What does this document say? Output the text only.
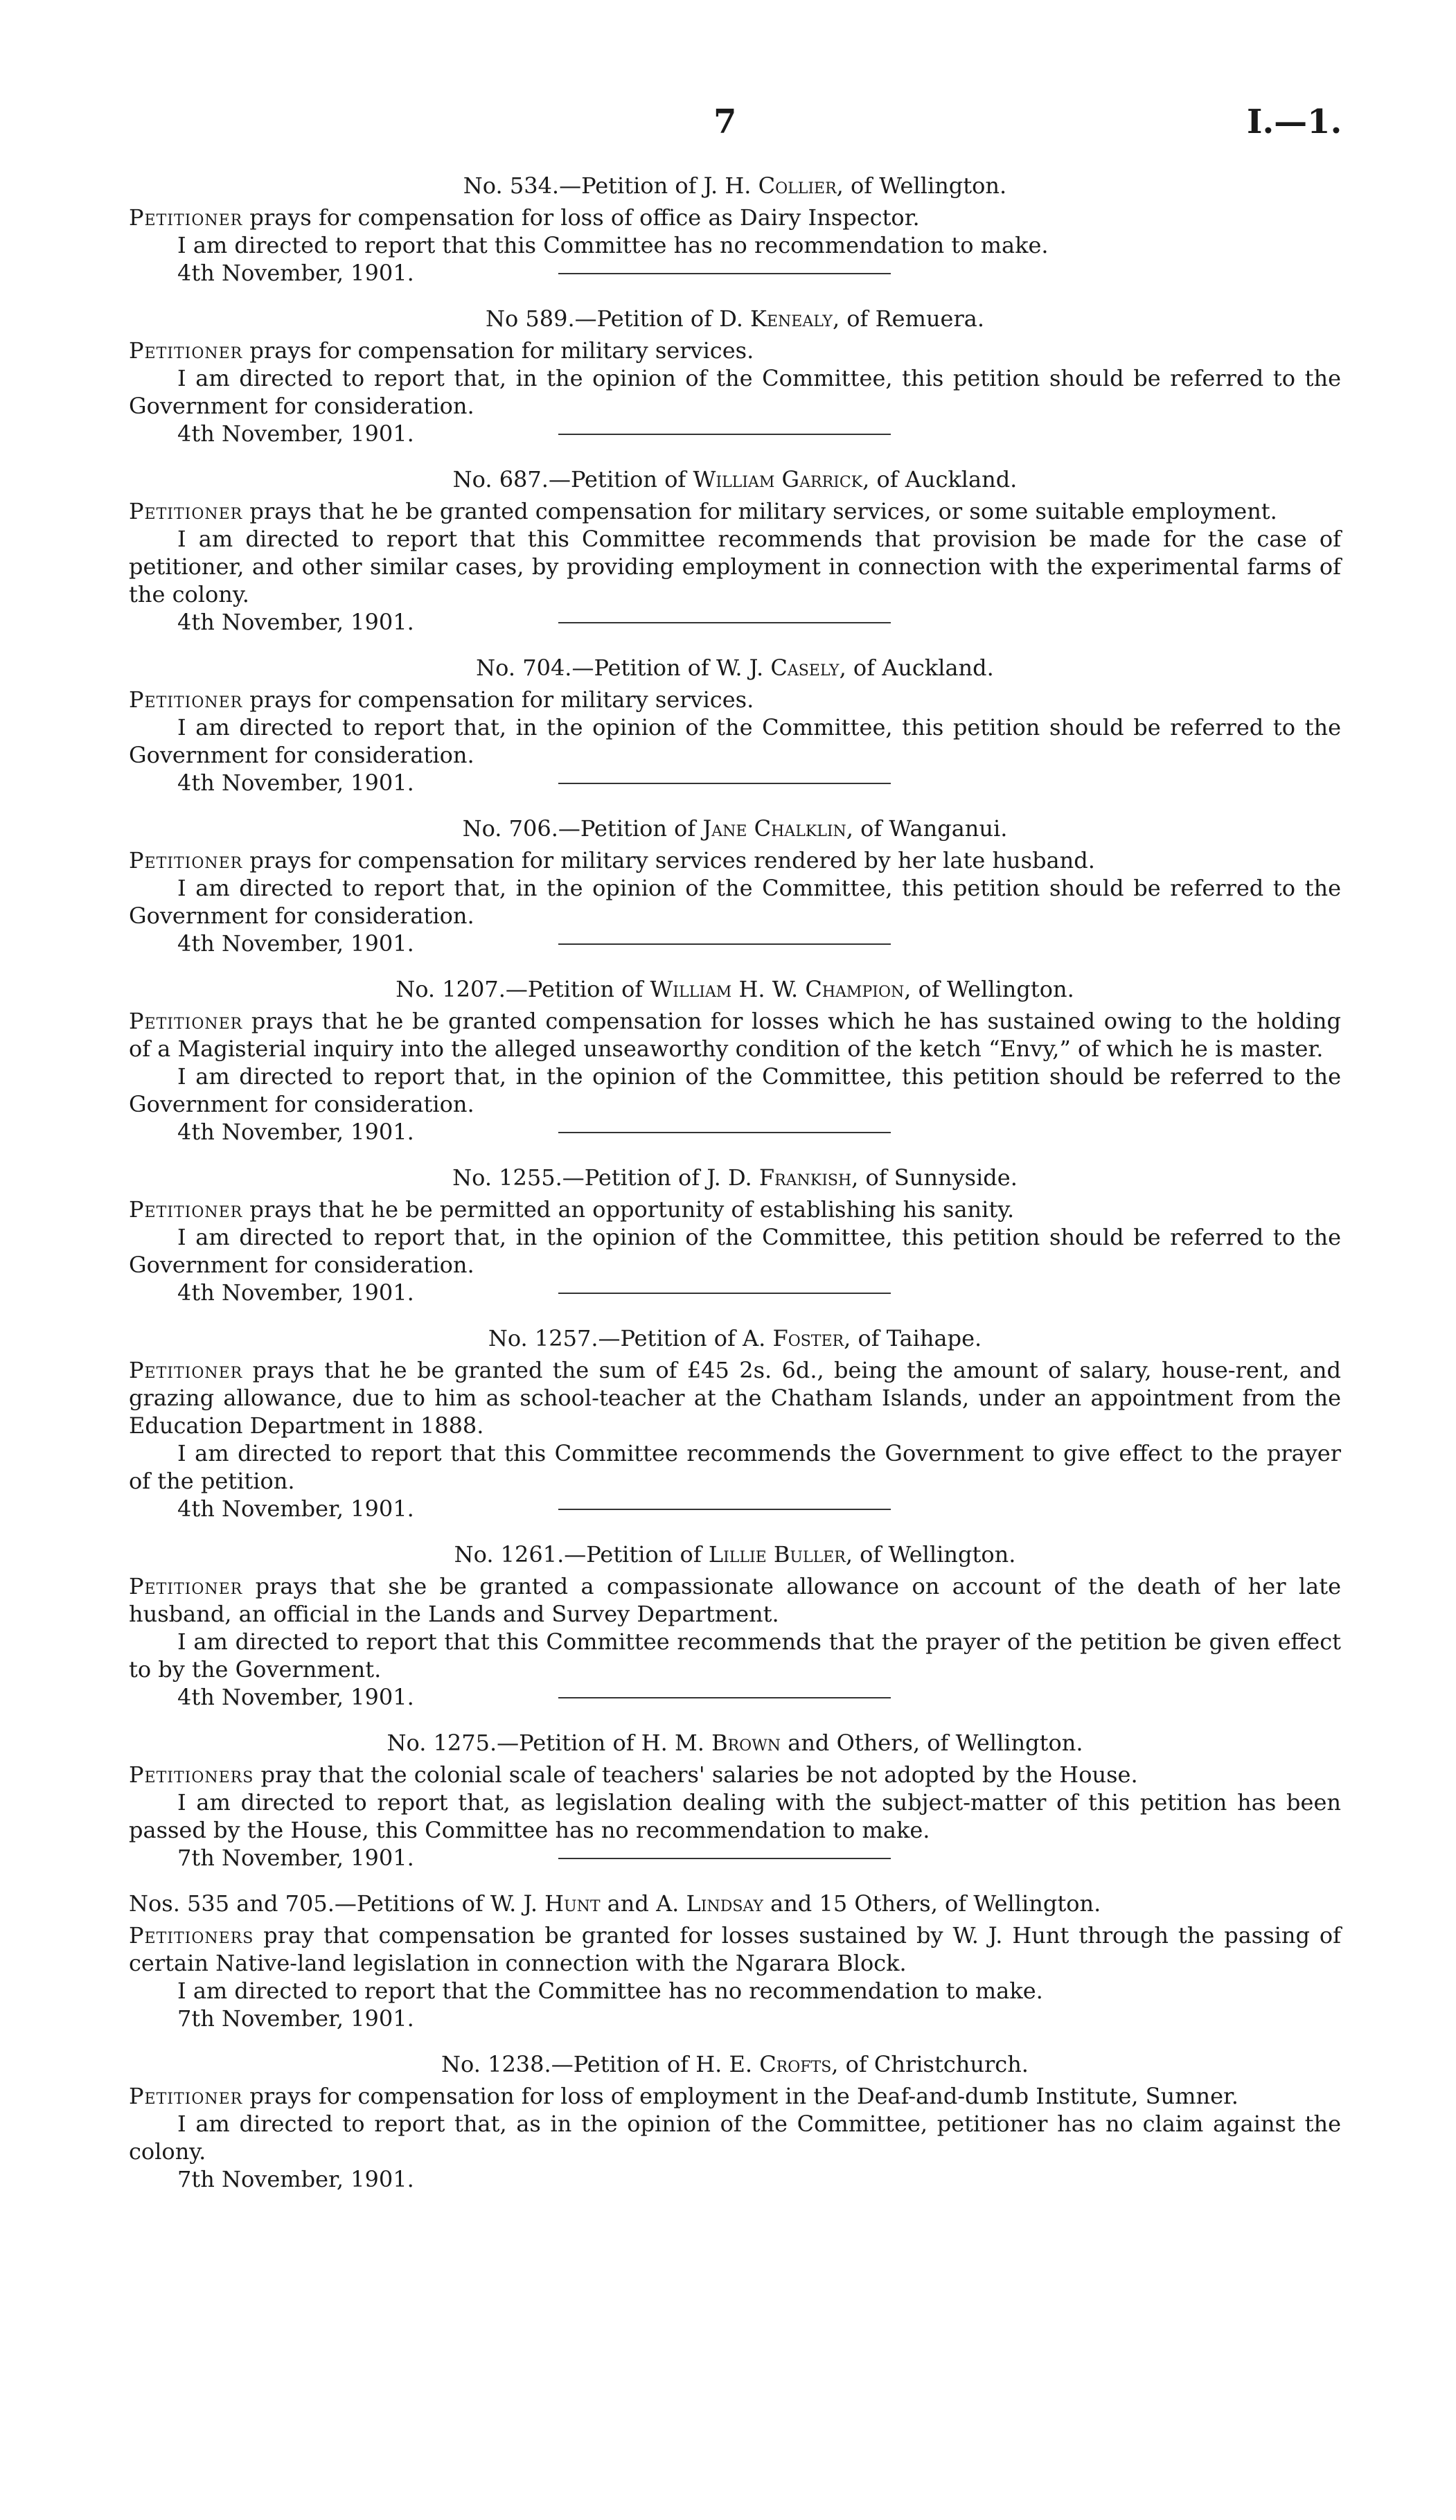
7	I.—1.

No. 534.—Petition of J. H. Collier, of Wellington.

Petitioner prays for compensation for loss of office as Dairy Inspector.

I am directed to report that this Committee has no recommendation to make.

4th November, 1901.

No 589.—Petition of D. Kenealy, of Remuera.

Petitioner prays for compensation for military services.

I am directed to report that, in the opinion of the Committee, this petition should be referred to the Government for consideration.

4th November, 1901.

No. 687.—Petition of William Garrick, of Auckland.

Petitioner prays that he be granted compensation for military services, or some suitable employment.

I am directed to report that this Committee recommends that provision be made for the case of petitioner, and other similar cases, by providing employment in connection with the experimental farms of the colony.

4th November, 1901.

No. 704.—Petition of W. J. Casely, of Auckland.

Petitioner prays for compensation for military services.

I am directed to report that, in the opinion of the Committee, this petition should be referred to the Government for consideration.

4th November, 1901.

No. 706.—Petition of Jane Chalklin, of Wanganui.

Petitioner prays for compensation for military services rendered by her late husband.

I am directed to report that, in the opinion of the Committee, this petition should be referred to the Government for consideration.

4th November, 1901.

No. 1207.—Petition of William H. W. Champion, of Wellington.

Petitioner prays that he be granted compensation for losses which he has sustained owing to the holding of a Magisterial inquiry into the alleged unseaworthy condition of the ketch “Envy,” of which he is master.

I am directed to report that, in the opinion of the Committee, this petition should be referred to the Government for consideration.

4th November, 1901.

No. 1255.—Petition of J. D. Frankish, of Sunnyside.

Petitioner prays that he be permitted an opportunity of establishing his sanity.

I am directed to report that, in the opinion of the Committee, this petition should be referred to the Government for consideration.

4th November, 1901.

No. 1257.—Petition of A. Foster, of Taihape.

Petitioner prays that he be granted the sum of £45 2s. 6d., being the amount of salary, house-rent, and grazing allowance, due to him as school-teacher at the Chatham Islands, under an appointment from the Education Department in 1888.

I am directed to report that this Committee recommends the Government to give effect to the prayer of the petition.

4th November, 1901.

No. 1261.—Petition of Lillie Buller, of Wellington.

Petitioner prays that she be granted a compassionate allowance on account of the death of her late husband, an official in the Lands and Survey Department.

I am directed to report that this Committee recommends that the prayer of the petition be given effect to by the Government.

4th November, 1901.

No. 1275.—Petition of H. M. Brown and Others, of Wellington.

Petitioners pray that the colonial scale of teachers' salaries be not adopted by the House.

I am directed to report that, as legislation dealing with the subject-matter of this petition has been passed by the House, this Committee has no recommendation to make.

7th November, 1901.

Nos. 535 and 705.—Petitions of W. J. Hunt and A. Lindsay and 15 Others, of Wellington.

Petitioners pray that compensation be granted for losses sustained by W. J. Hunt through the passing of certain Native-land legislation in connection with the Ngarara Block.

I am directed to report that the Committee has no recommendation to make.

7th November, 1901.

No. 1238.—Petition of H. E. Crofts, of Christchurch.

Petitioner prays for compensation for loss of employment in the Deaf-and-dumb Institute, Sumner.

I am directed to report that, as in the opinion of the Committee, petitioner has no claim against the colony.

7th November, 1901.
